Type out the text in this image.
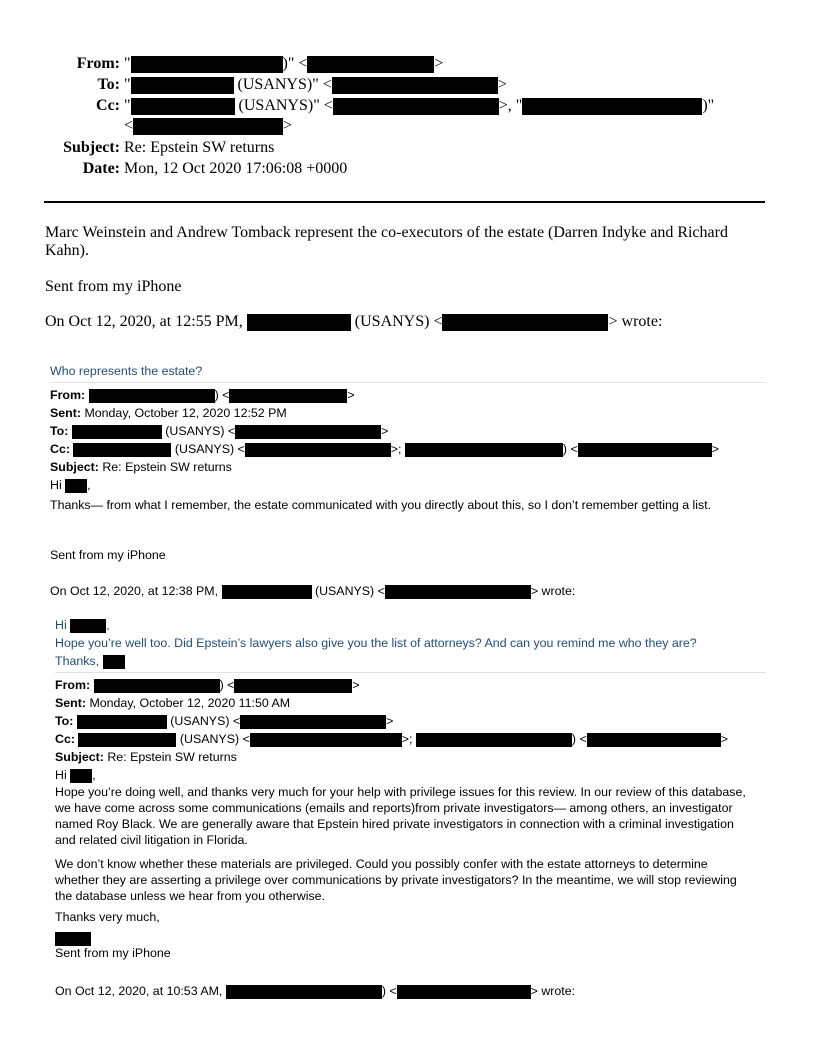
From: "	)" <	>
To: "	(USANYS)" <	>
Cc: "	(USANYS)" <	>, "	)"
<	>
Subject: Re: Epstein SW returns
Date: Mon, 12 Oct 2020 17:06:08 +0000
Marc Weinstein and Andrew Tomback represent the co-executors of the estate (Darren Indyke and Richard Kahn).
Sent from my iPhone
On Oct 12, 2020, at 12:55 PM,	(USANYS) <	> wrote:
Who represents the estate?
From:	) <	>
Sent: Monday, October 12, 2020 12:52 PM
To:	(USANYS) <	>
Cc:	(USANYS) <	>;	) <	>
Subject: Re: Epstein SW returns
Hi ,
Thanks— from what I remember, the estate communicated with you directly about this, so I don’t remember getting a list.
Sent from my iPhone
On Oct 12, 2020, at 12:38 PM,	(USANYS) <	> wrote:
Hi	,
Hope you’re well too. Did Epstein’s lawyers also give you the list of attorneys? And can you remind me who they are?
Thanks,
From:	) <	>
Sent: Monday, October 12, 2020 11:50 AM
To:	(USANYS) <	>
Cc:	(USANYS) <	>;	) <	>
Subject: Re: Epstein SW returns
Hi ,
Hope you’re doing well, and thanks very much for your help with privilege issues for this review. In our review of this database, we have come across some communications (emails and reports)from private investigators— among others, an investigator named Roy Black. We are generally aware that Epstein hired private investigators in connection with a criminal investigation and related civil litigation in Florida.
We don’t know whether these materials are privileged. Could you possibly confer with the estate attorneys to determine whether they are asserting a privilege over communications by private investigators? In the meantime, we will stop reviewing the database unless we hear from you otherwise.
Thanks very much,
Sent from my iPhone
On Oct 12, 2020, at 10:53 AM,	) <	> wrote:
